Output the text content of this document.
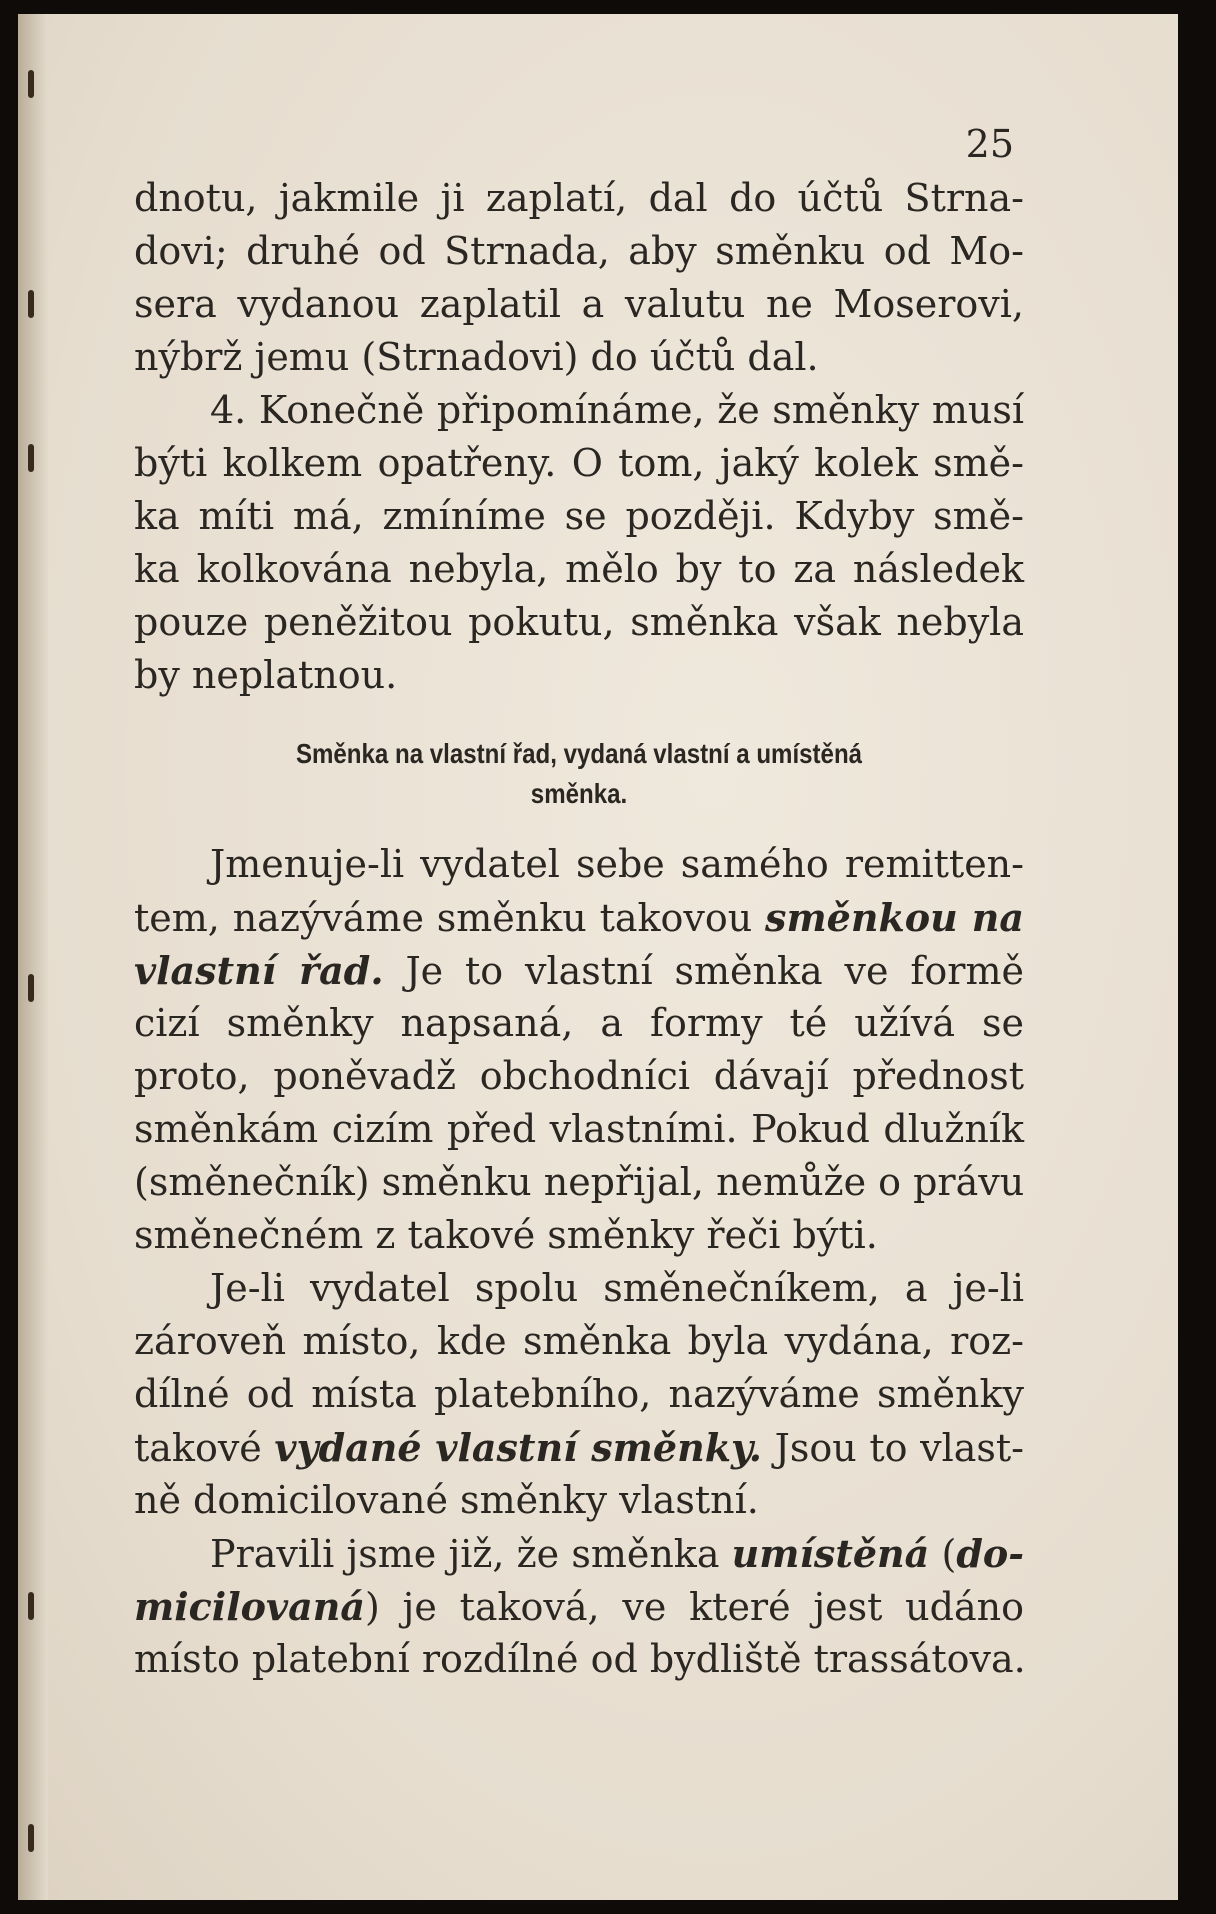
25
dnotu, jakmile ji zaplatí, dal do účtů Strna-
dovi; druhé od Strnada, aby směnku od Mo-
sera vydanou zaplatil a valutu ne Moserovi,
nýbrž jemu (Strnadovi) do účtů dal.
4. Konečně připomínáme, že směnky musí
býti kolkem opatřeny. O tom, jaký kolek smě-
ka míti má, zmíníme se později. Kdyby smě-
ka kolkována nebyla, mělo by to za následek
pouze peněžitou pokutu, směnka však nebyla
by neplatnou.
Směnka na vlastní řad, vydaná vlastní a umístěná
směnka.
Jmenuje-li vydatel sebe samého remitten-
tem, nazýváme směnku takovou směnkou na
vlastní řad. Je to vlastní směnka ve formě
cizí směnky napsaná, a formy té užívá se
proto, poněvadž obchodníci dávají přednost
směnkám cizím před vlastními. Pokud dlužník
(směnečník) směnku nepřijal, nemůže o právu
směnečném z takové směnky řeči býti.
Je-li vydatel spolu směnečníkem, a je-li
zároveň místo, kde směnka byla vydána, roz-
dílné od místa platebního, nazýváme směnky
takové vydané vlastní směnky. Jsou to vlast-
ně domicilované směnky vlastní.
Pravili jsme již, že směnka umístěná (do-
micilovaná) je taková, ve které jest udáno
místo platební rozdílné od bydliště trassátova.
